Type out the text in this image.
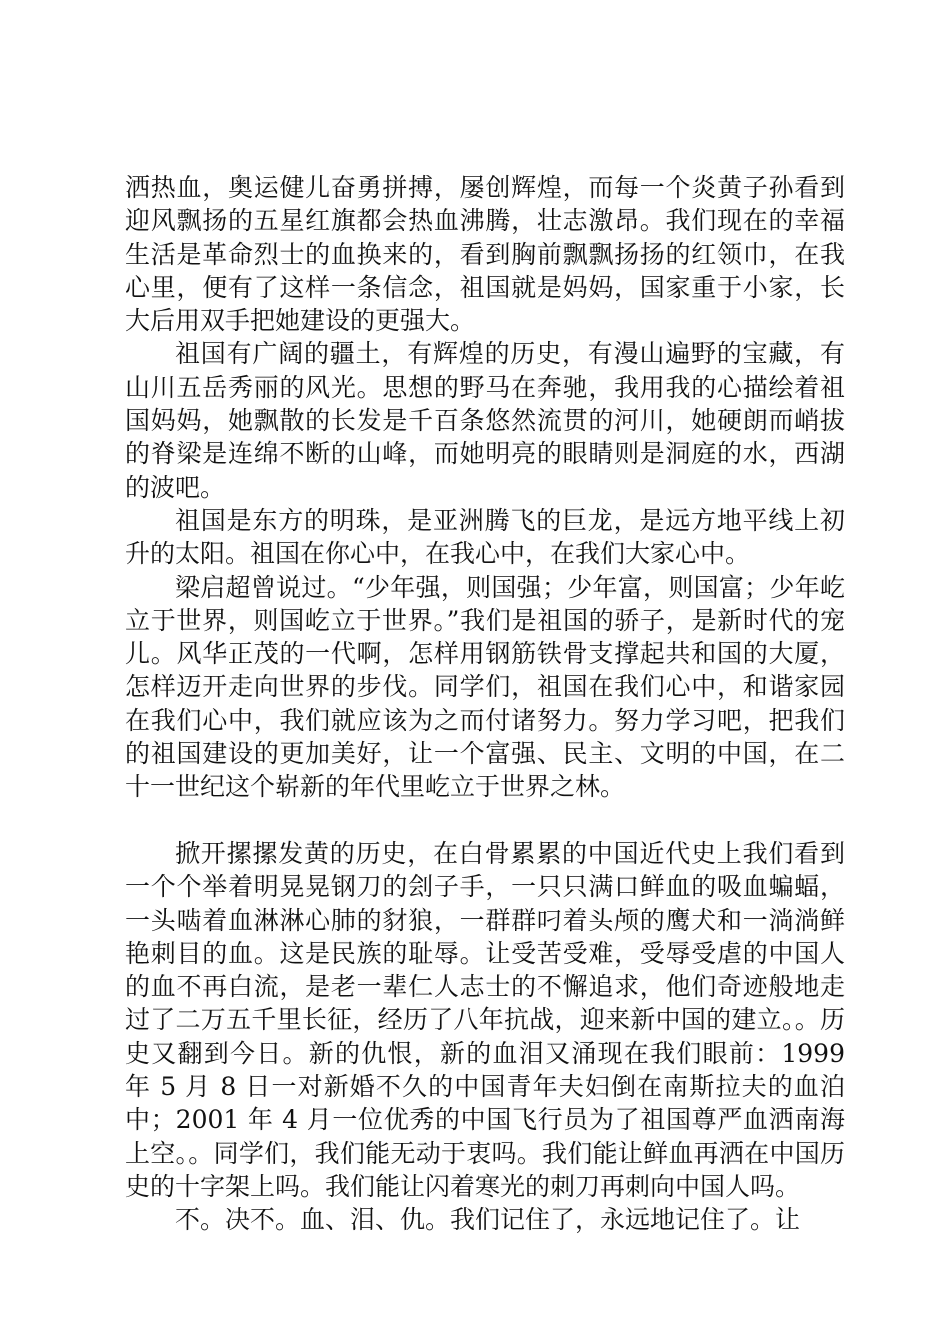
洒热血，奥运健儿奋勇拼搏，屡创辉煌，而每一个炎黄子孙看到迎风飘扬的五星红旗都会热血沸腾，壮志激昂。我们现在的幸福生活是革命烈士的血换来的，看到胸前飘飘扬扬的红领巾，在我心里，便有了这样一条信念，祖国就是妈妈，国家重于小家，长大后用双手把她建设的更强大。

祖国有广阔的疆土，有辉煌的历史，有漫山遍野的宝藏，有山川五岳秀丽的风光。思想的野马在奔驰，我用我的心描绘着祖国妈妈，她飘散的长发是千百条悠然流贯的河川，她硬朗而峭拔的脊梁是连绵不断的山峰，而她明亮的眼睛则是洞庭的水，西湖的波吧。

祖国是东方的明珠，是亚洲腾飞的巨龙，是远方地平线上初升的太阳。祖国在你心中，在我心中，在我们大家心中。

梁启超曾说过。“少年强，则国强；少年富，则国富；少年屹立于世界，则国屹立于世界。”我们是祖国的骄子，是新时代的宠儿。风华正茂的一代啊，怎样用钢筋铁骨支撑起共和国的大厦，怎样迈开走向世界的步伐。同学们，祖国在我们心中，和谐家园在我们心中，我们就应该为之而付诸努力。努力学习吧，把我们的祖国建设的更加美好，让一个富强、民主、文明的中国，在二十一世纪这个崭新的年代里屹立于世界之林。

掀开摞摞发黄的历史，在白骨累累的中国近代史上我们看到一个个举着明晃晃钢刀的刽子手，一只只满口鲜血的吸血蝙蝠，一头啮着血淋淋心肺的豺狼，一群群叼着头颅的鹰犬和一淌淌鲜艳刺目的血。这是民族的耻辱。让受苦受难，受辱受虐的中国人的血不再白流，是老一辈仁人志士的不懈追求，他们奇迹般地走过了二万五千里长征，经历了八年抗战，迎来新中国的建立。。历史又翻到今日。新的仇恨，新的血泪又涌现在我们眼前：1999 年 5 月 8 日一对新婚不久的中国青年夫妇倒在南斯拉夫的血泊中；2001 年 4 月一位优秀的中国飞行员为了祖国尊严血洒南海上空。。同学们，我们能无动于衷吗。我们能让鲜血再洒在中国历史的十字架上吗。我们能让闪着寒光的刺刀再刺向中国人吗。

不。决不。血、泪、仇。我们记住了，永远地记住了。让
